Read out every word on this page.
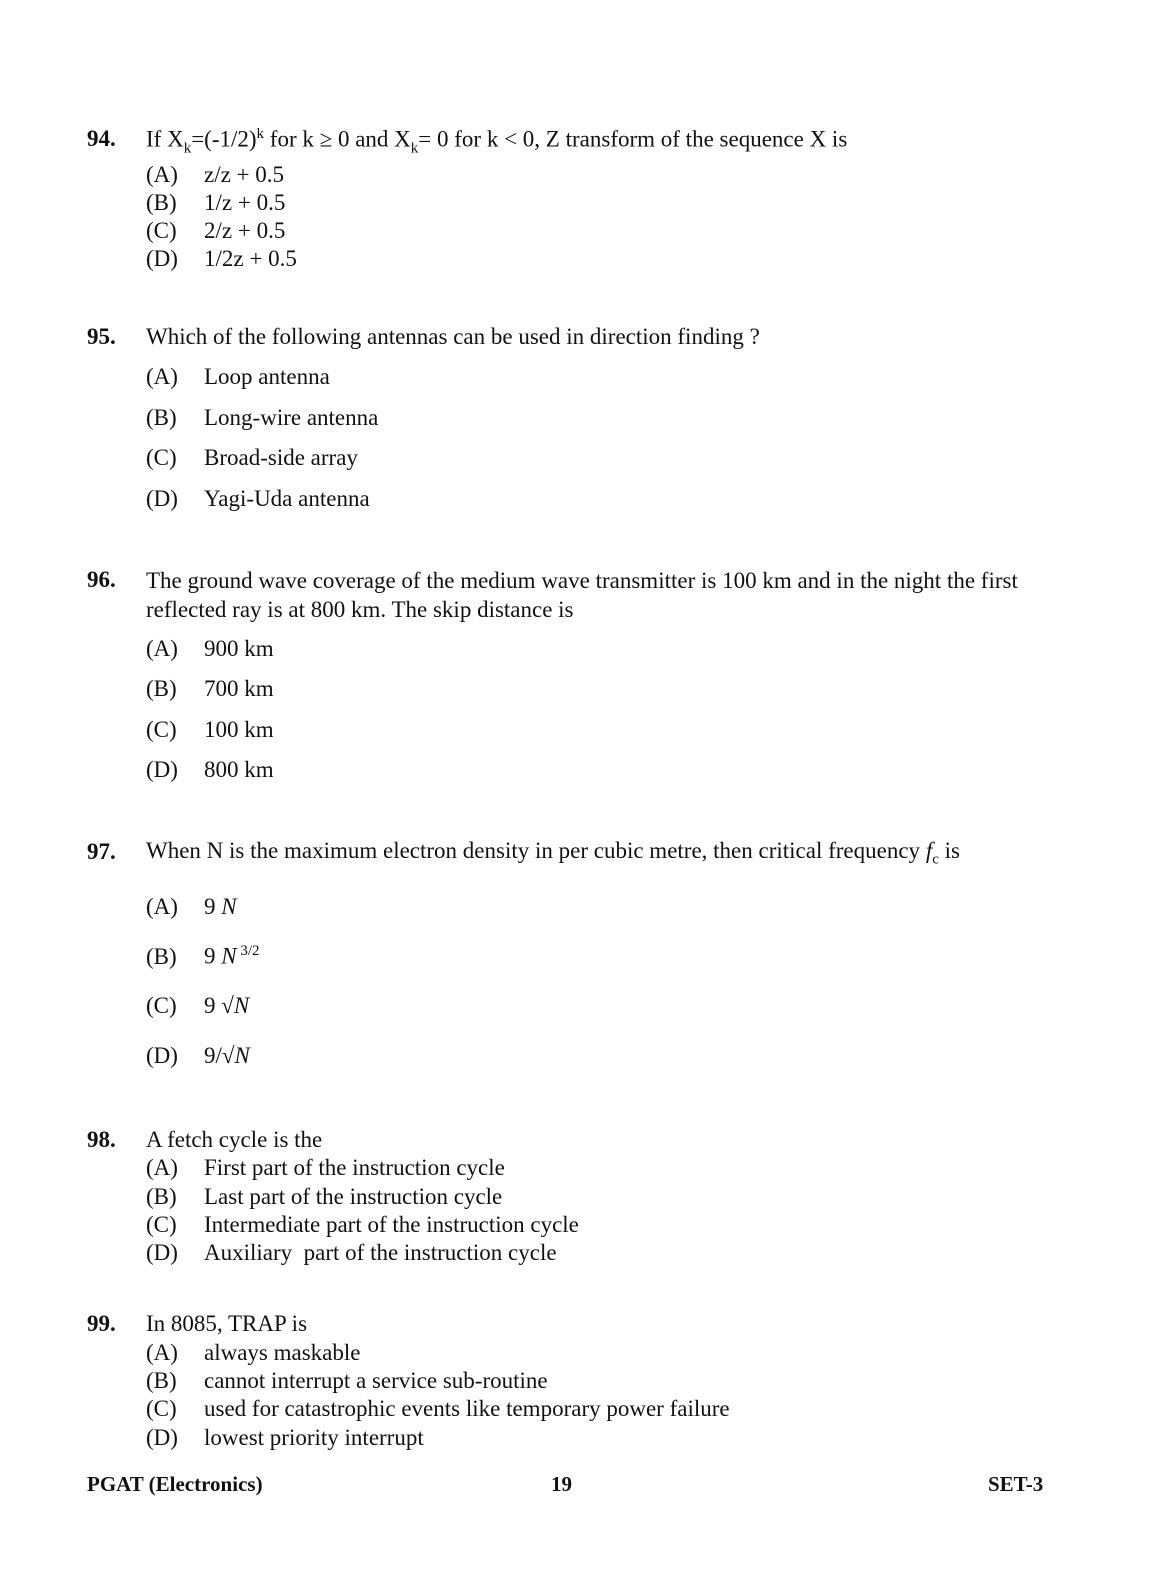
94. If $X_k=(-1/2)^k$ for k ≥ 0 and $X_k= 0$ for k < 0, Z transform of the sequence X is
(A) z/z + 0.5
(B) 1/z + 0.5
(C) 2/z + 0.5
(D) 1/2z + 0.5
95. Which of the following antennas can be used in direction finding ?
(A) Loop antenna
(B) Long-wire antenna
(C) Broad-side array
(D) Yagi-Uda antenna
96. The ground wave coverage of the medium wave transmitter is 100 km and in the night the first reflected ray is at 800 km. The skip distance is
(A) 900 km
(B) 700 km
(C) 100 km
(D) 800 km
97. When N is the maximum electron density in per cubic metre, then critical frequency $f_c$ is
(A) 9 N
(B) 9 N $^{3/2}$
(C) 9 √N
(D) 9/√N
98. A fetch cycle is the
(A) First part of the instruction cycle
(B) Last part of the instruction cycle
(C) Intermediate part of the instruction cycle
(D) Auxiliary  part of the instruction cycle
99. In 8085, TRAP is
(A) always maskable
(B) cannot interrupt a service sub-routine
(C) used for catastrophic events like temporary power failure
(D) lowest priority interrupt
PGAT (Electronics)	19	SET-3
